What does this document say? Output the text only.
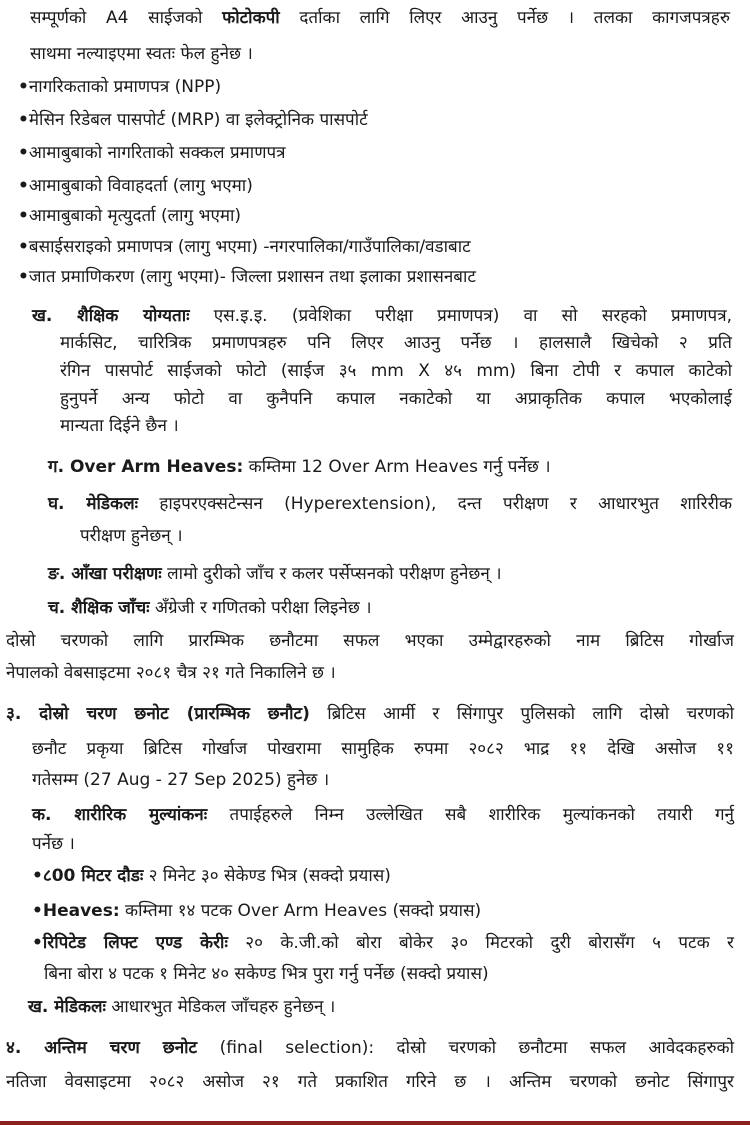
सम्पूर्णको A4 साईजको फोटोकपी दर्ताका लागि लिएर आउनु पर्नेछ । तलका कागजपत्रहरु
साथमा नल्याइएमा स्वतः फेल हुनेछ ।
•नागरिकताको प्रमाणपत्र (NPP)
•मेसिन रिडेबल पासपोर्ट (MRP) वा इलेक्ट्रोनिक पासपोर्ट
•आमाबुबाको नागरिताको सक्कल प्रमाणपत्र
•आमाबुबाको विवाहदर्ता (लागु भएमा)
•आमाबुबाको मृत्युदर्ता (लागु भएमा)
•बसाईसराइको प्रमाणपत्र (लागु भएमा) -नगरपालिका/गाउँपालिका/वडाबाट
•जात प्रमाणिकरण (लागु भएमा)- जिल्ला प्रशासन तथा इलाका प्रशासनबाट
ख. शैक्षिक योग्यताः एस.इ.इ. (प्रवेशिका परीक्षा प्रमाणपत्र) वा सो सरहको प्रमाणपत्र,
मार्कसिट, चारित्रिक प्रमाणपत्रहरु पनि लिएर आउनु पर्नेछ । हालसालै खिचेको २ प्रति
रंगिन पासपोर्ट साईजको फोटो (साईज ३५ mm X ४५ mm) बिना टोपी र कपाल काटेको
हुनुपर्ने अन्य फोटो वा कुनैपनि कपाल नकाटेको या अप्राकृतिक कपाल भएकोलाई
मान्यता दिईने छैन ।
ग. Over Arm Heaves: कम्तिमा 12 Over Arm Heaves गर्नु पर्नेछ ।
घ. मेडिकलः हाइपरएक्सटेन्सन (Hyperextension), दन्त परीक्षण र आधारभुत शारिरीक
परीक्षण हुनेछन् ।
ङ. आँखा परीक्षणः लामो दुरीको जाँच र कलर पर्सेप्सनको परीक्षण हुनेछन् ।
च. शैक्षिक जाँचः अँग्रेजी र गणितको परीक्षा लिइनेछ ।
दोस्रो चरणको लागि प्रारम्भिक छनौटमा सफल भएका उम्मेद्वारहरुको नाम ब्रिटिस गोर्खाज
नेपालको वेबसाइटमा २०८१ चैत्र २१ गते निकालिने छ ।
३. दोस्रो चरण छनोट (प्रारम्भिक छनौट) ब्रिटिस आर्मी र सिंगापुर पुलिसको लागि दोस्रो चरणको
छनौट प्रकृया ब्रिटिस गोर्खाज पोखरामा सामुहिक रुपमा २०८२ भाद्र ११ देखि असोज ११
गतेसम्म (27 Aug - 27 Sep 2025) हुनेछ ।
क. शारीरिक मुल्यांकनः तपाईहरुले निम्न उल्लेखित सबै शारीरिक मुल्यांकनको तयारी गर्नु
पर्नेछ ।
•८00 मिटर दौडः २ मिनेट ३० सेकेण्ड भित्र (सक्दो प्रयास)
•Heaves: कम्तिमा १४ पटक Over Arm Heaves (सक्दो प्रयास)
•रिपिटेड लिफ्ट एण्ड केरीः २० के.जी.को बोरा बोकेर ३० मिटरको दुरी बोरासँग ५ पटक र
बिना बोरा ४ पटक १ मिनेट ४० सकेण्ड भित्र पुरा गर्नु पर्नेछ (सक्दो प्रयास)
ख. मेडिकलः आधारभुत मेडिकल जाँचहरु हुनेछन् ।
४. अन्तिम चरण छनोट (final selection): दोस्रो चरणको छनौटमा सफल आवेदकहरुको
नतिजा वेवसाइटमा २०८२ असोज २१ गते प्रकाशित गरिने छ । अन्तिम चरणको छनोट सिंगापुर
